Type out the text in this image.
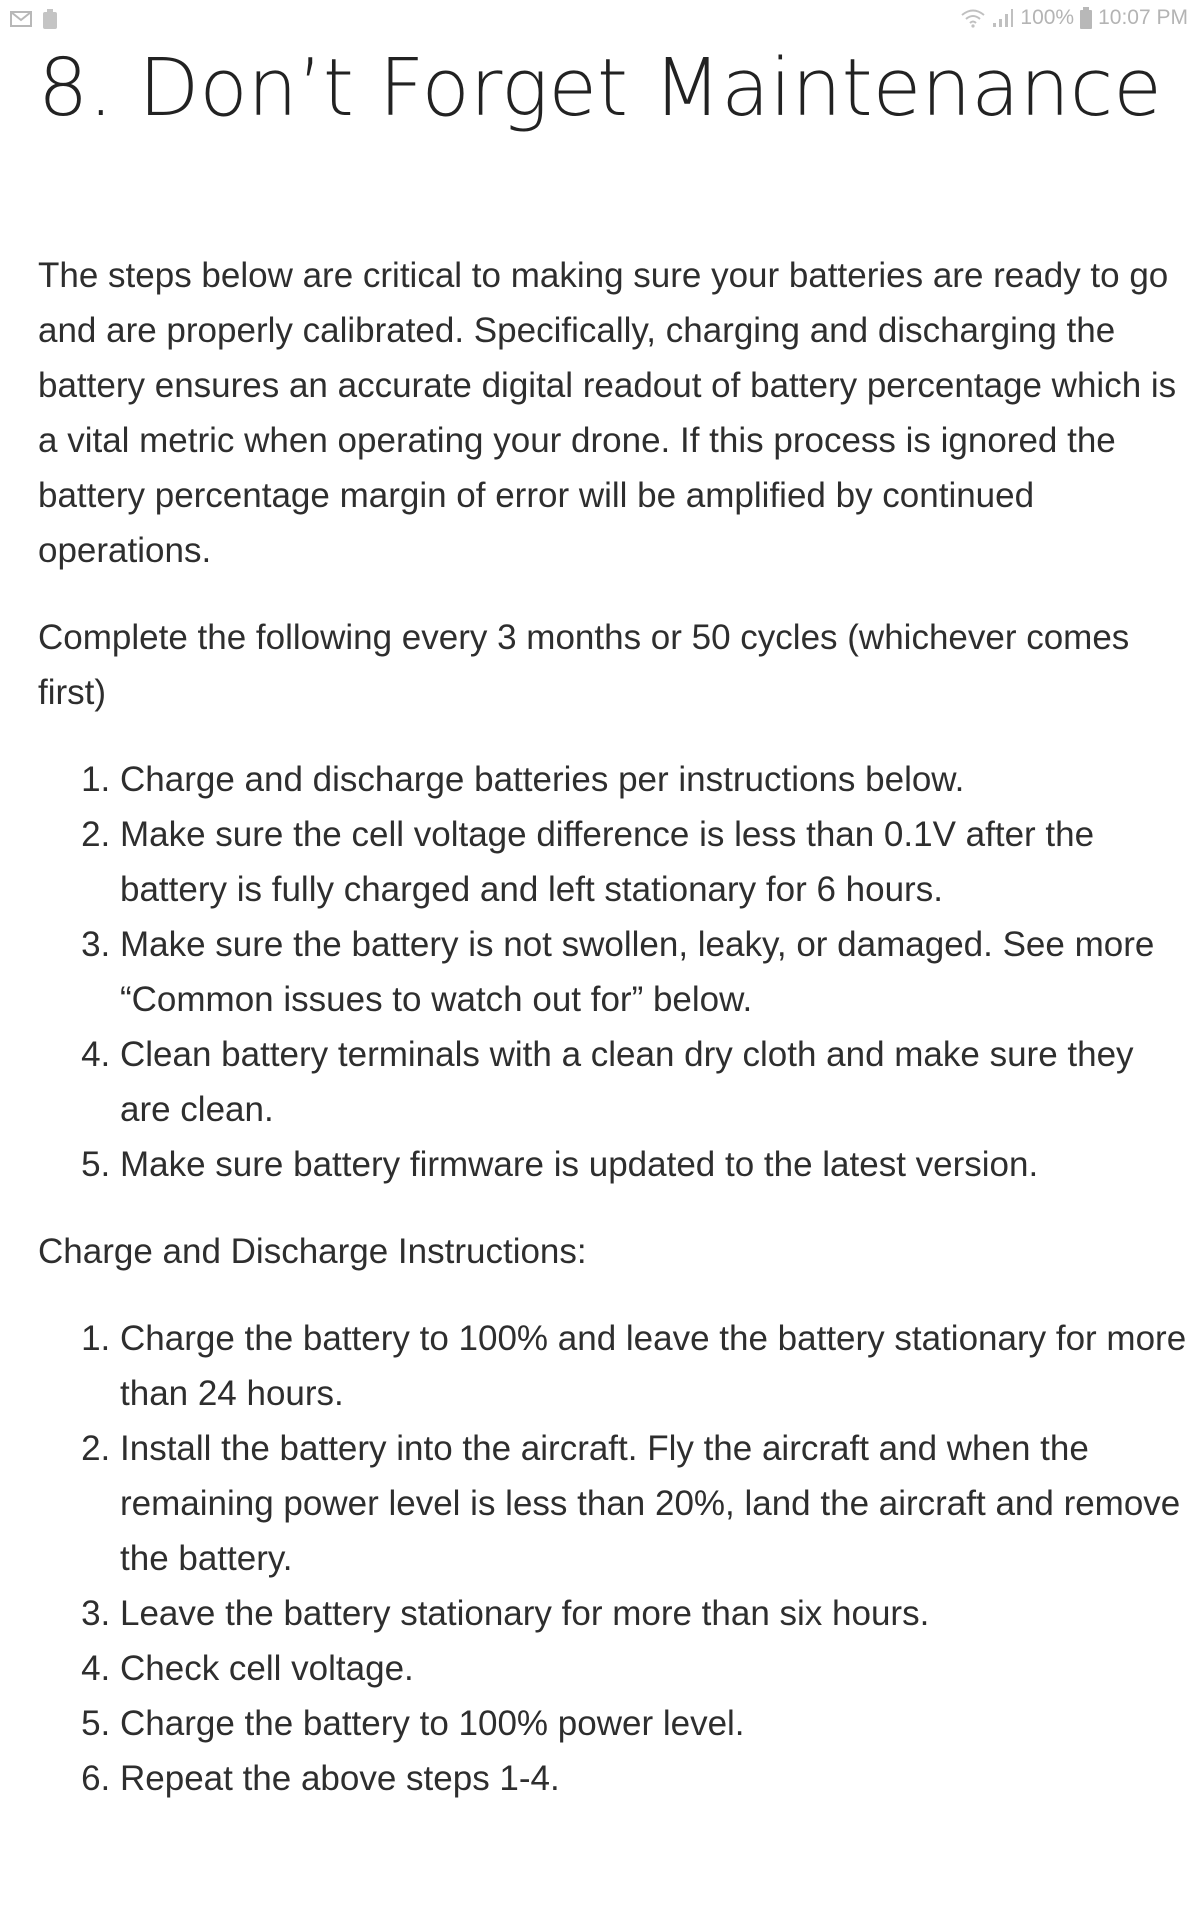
100% 10:07 PM
8. Don’t Forget Maintenance

The steps below are critical to making sure your batteries are ready to go and are properly calibrated. Specifically, charging and discharging the battery ensures an accurate digital readout of battery percentage which is a vital metric when operating your drone. If this process is ignored the battery percentage margin of error will be amplified by continued operations.

Complete the following every 3 months or 50 cycles (whichever comes first)

1. Charge and discharge batteries per instructions below.
2. Make sure the cell voltage difference is less than 0.1V after the battery is fully charged and left stationary for 6 hours.
3. Make sure the battery is not swollen, leaky, or damaged. See more “Common issues to watch out for” below.
4. Clean battery terminals with a clean dry cloth and make sure they are clean.
5. Make sure battery firmware is updated to the latest version.

Charge and Discharge Instructions:

1. Charge the battery to 100% and leave the battery stationary for more than 24 hours.
2. Install the battery into the aircraft. Fly the aircraft and when the remaining power level is less than 20%, land the aircraft and remove the battery.
3. Leave the battery stationary for more than six hours.
4. Check cell voltage.
5. Charge the battery to 100% power level.
6. Repeat the above steps 1-4.
